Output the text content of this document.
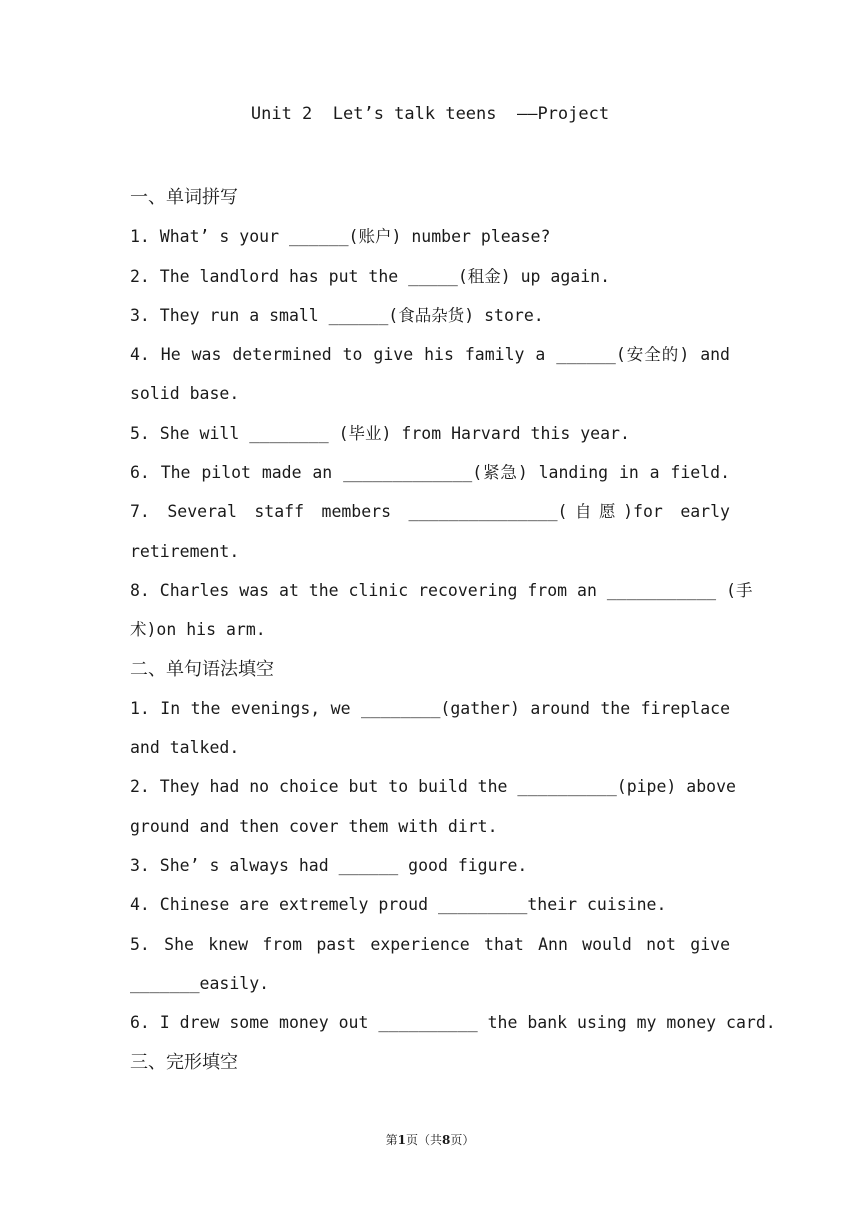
Unit 2  Let’s talk teens  ——Project
一、单词拼写
1. What’ s your ______(账户) number please?
2. The landlord has put the _____(租金) up again.
3. They run a small ______(食品杂货) store.
4. He was determined to give his family a ______(安全的) and
solid base.
5. She will ________ (毕业) from Harvard this year.
6. The pilot made an _____________(紧急) landing in a field.
7. Several staff members _______________(自愿)for early
retirement.
8. Charles was at the clinic recovering from an ___________ (手
术)on his arm.
二、单句语法填空
1. In the evenings, we ________(gather) around the fireplace
and talked.
2. They had no choice but to build the __________(pipe) above
ground and then cover them with dirt.
3. She’ s always had ______ good figure.
4. Chinese are extremely proud _________their cuisine.
5. She knew from past experience that Ann would not give
_______easily.
6. I drew some money out __________ the bank using my money card.
三、完形填空
第1页（共8页）
